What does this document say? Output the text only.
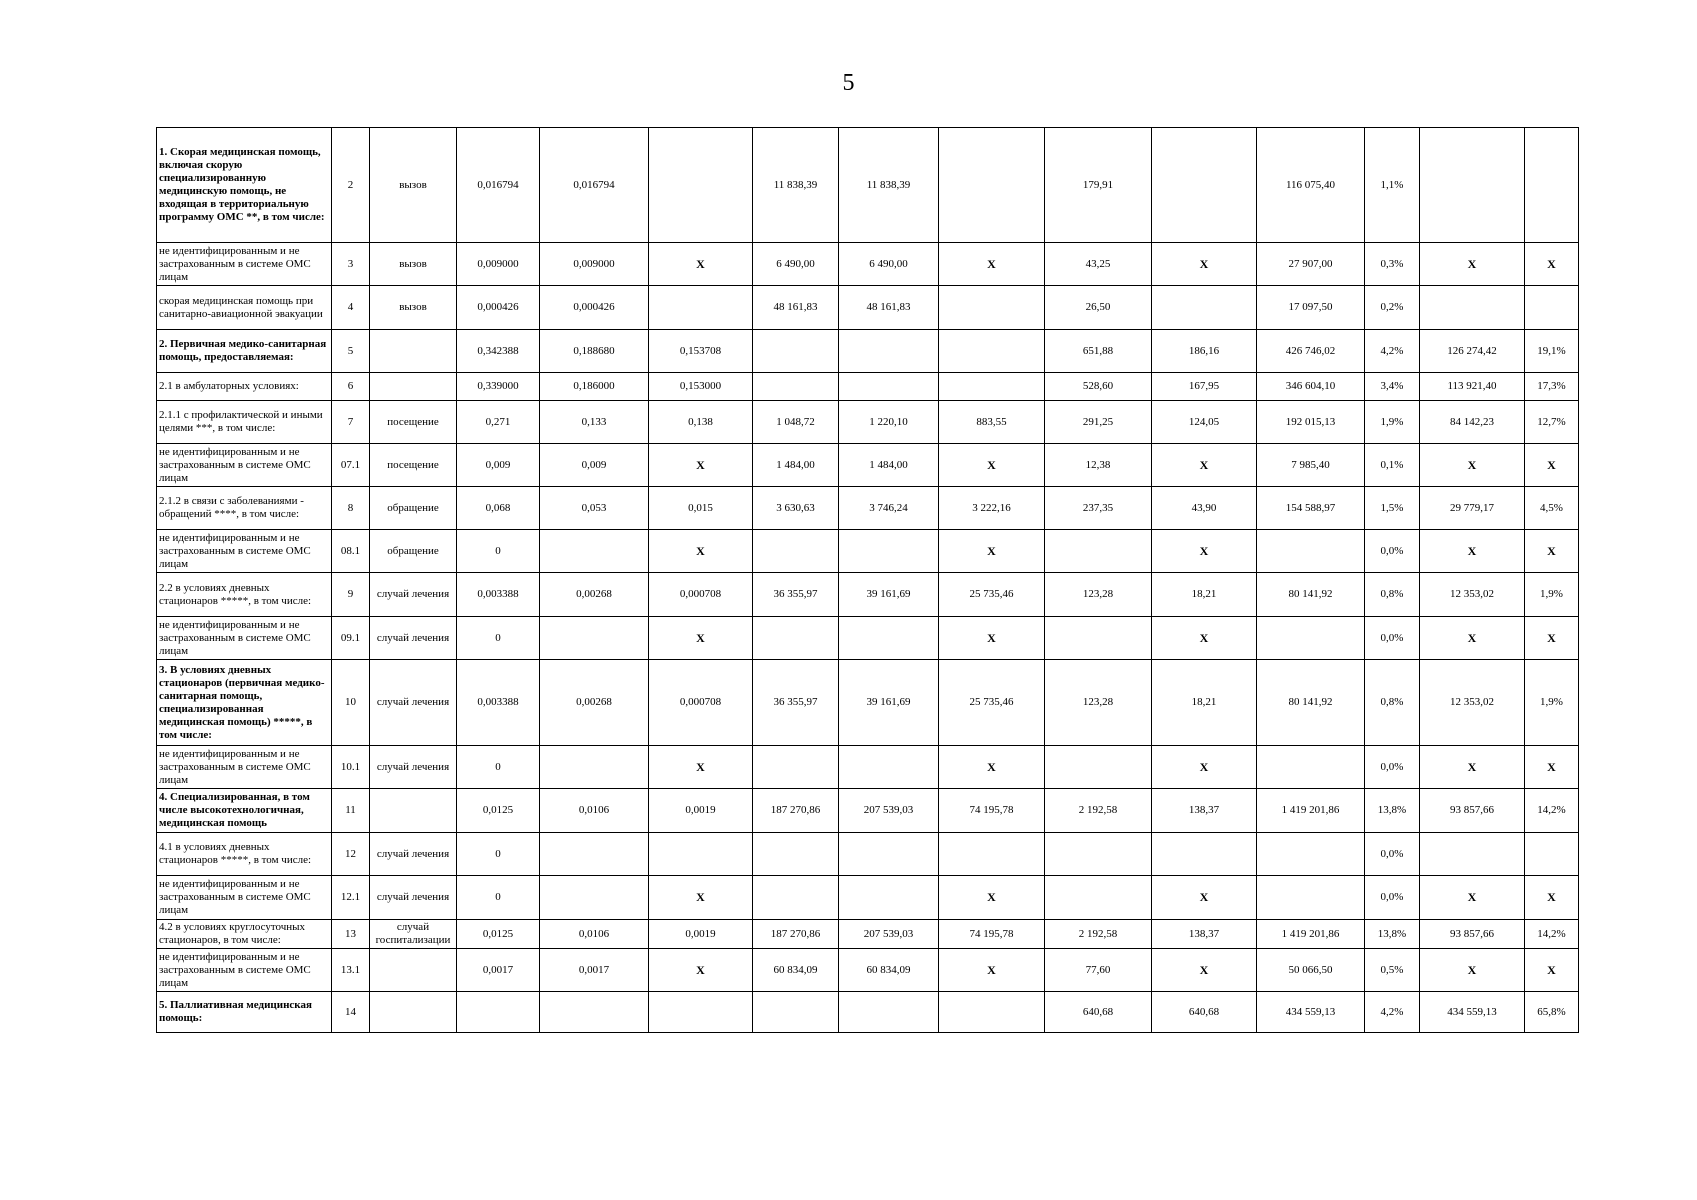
5
1. Скорая медицинская помощь, включая скорую специализированную медицинскую помощь, не входящая в территориальную программу ОМС **, в том числе:	2	вызов	0,016794	0,016794		11 838,39	11 838,39		179,91		116 075,40	1,1%		
не идентифицированным и не застрахованным в системе ОМС лицам	3	вызов	0,009000	0,009000	X	6 490,00	6 490,00	X	43,25	X	27 907,00	0,3%	X	X
скорая медицинская помощь при санитарно-авиационной эвакуации	4	вызов	0,000426	0,000426		48 161,83	48 161,83		26,50		17 097,50	0,2%		
2. Первичная медико-санитарная помощь, предоставляемая:	5		0,342388	0,188680	0,153708				651,88	186,16	426 746,02	4,2%	126 274,42	19,1%
2.1 в амбулаторных условиях:	6		0,339000	0,186000	0,153000				528,60	167,95	346 604,10	3,4%	113 921,40	17,3%
2.1.1 с профилактической и иными целями ***, в том числе:	7	посещение	0,271	0,133	0,138	1 048,72	1 220,10	883,55	291,25	124,05	192 015,13	1,9%	84 142,23	12,7%
не идентифицированным и не застрахованным в системе ОМС лицам	07.1	посещение	0,009	0,009	X	1 484,00	1 484,00	X	12,38	X	7 985,40	0,1%	X	X
2.1.2 в связи с заболеваниями - обращений ****, в том числе:	8	обращение	0,068	0,053	0,015	3 630,63	3 746,24	3 222,16	237,35	43,90	154 588,97	1,5%	29 779,17	4,5%
не идентифицированным и не застрахованным в системе ОМС лицам	08.1	обращение	0		X			X		X		0,0%	X	X
2.2 в условиях дневных стационаров *****, в том числе:	9	случай лечения	0,003388	0,00268	0,000708	36 355,97	39 161,69	25 735,46	123,28	18,21	80 141,92	0,8%	12 353,02	1,9%
не идентифицированным и не застрахованным в системе ОМС лицам	09.1	случай лечения	0		X			X		X		0,0%	X	X
3. В условиях дневных стационаров (первичная медико-санитарная помощь, специализированная медицинская помощь) *****, в том числе:	10	случай лечения	0,003388	0,00268	0,000708	36 355,97	39 161,69	25 735,46	123,28	18,21	80 141,92	0,8%	12 353,02	1,9%
не идентифицированным и не застрахованным в системе ОМС лицам	10.1	случай лечения	0		X			X		X		0,0%	X	X
4. Специализированная, в том числе высокотехнологичная, медицинская помощь	11		0,0125	0,0106	0,0019	187 270,86	207 539,03	74 195,78	2 192,58	138,37	1 419 201,86	13,8%	93 857,66	14,2%
4.1 в условиях дневных стационаров *****, в том числе:	12	случай лечения	0									0,0%		
не идентифицированным и не застрахованным в системе ОМС лицам	12.1	случай лечения	0		X			X		X		0,0%	X	X
4.2 в условиях круглосуточных стационаров, в том числе:	13	случай госпитализации	0,0125	0,0106	0,0019	187 270,86	207 539,03	74 195,78	2 192,58	138,37	1 419 201,86	13,8%	93 857,66	14,2%
не идентифицированным и не застрахованным в системе ОМС лицам	13.1		0,0017	0,0017	X	60 834,09	60 834,09	X	77,60	X	50 066,50	0,5%	X	X
5. Паллиативная медицинская помощь:	14								640,68	640,68	434 559,13	4,2%	434 559,13	65,8%
